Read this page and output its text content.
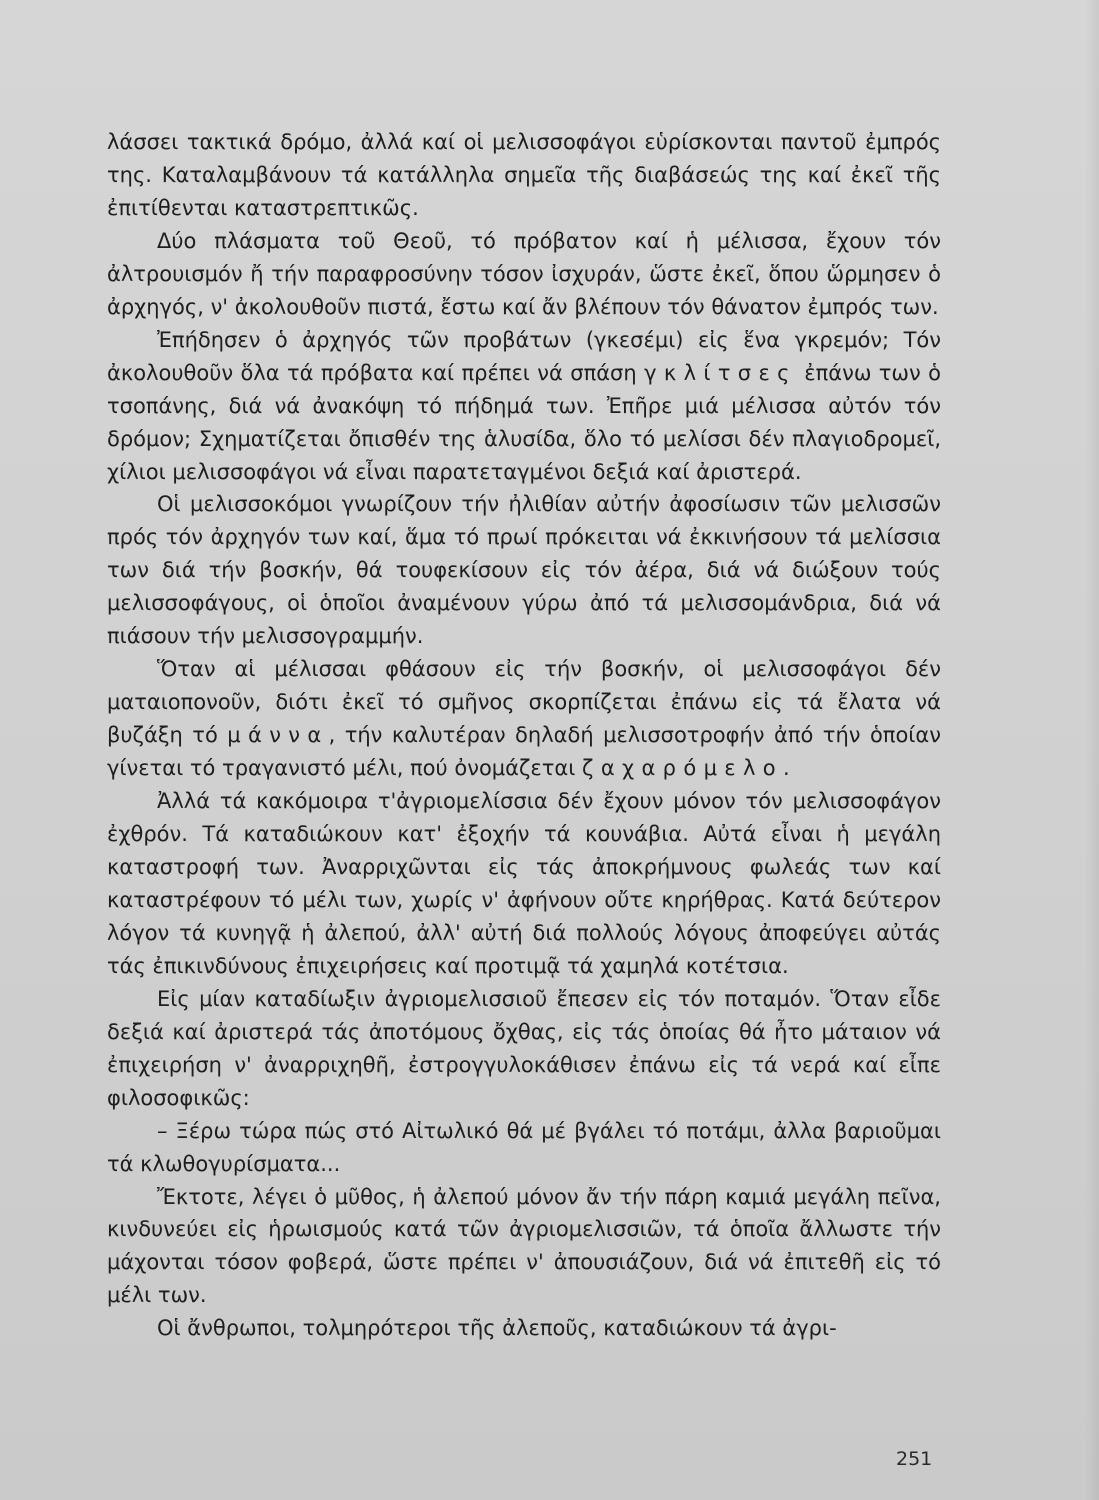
λάσσει τακτικά δρόμο, ἀλλά καί οἱ μελισσοφάγοι εὑρίσκονται παντοῦ ἐμπρός της. Καταλαμβάνουν τά κατάλληλα σημεῖα τῆς διαβάσεώς της καί ἐκεῖ τῆς ἐπιτίθενται καταστρεπτικῶς.

Δύο πλάσματα τοῦ Θεοῦ, τό πρόβατον καί ἡ μέλισσα, ἔχουν τόν ἀλτρουισμόν ἤ τήν παραφροσύνην τόσον ἰσχυράν, ὥστε ἐκεῖ, ὅπου ὥρμησεν ὁ ἀρχηγός, ν' ἀκολουθοῦν πιστά, ἔστω καί ἄν βλέπουν τόν θάνατον ἐμπρός των.

Ἐπήδησεν ὁ ἀρχηγός τῶν προβάτων (γκεσέμι) εἰς ἕνα γκρεμόν; Τόν ἀκολουθοῦν ὅλα τά πρόβατα καί πρέπει νά σπάση γκλίτσες ἐπάνω των ὁ τσοπάνης, διά νά ἀνακόψη τό πήδημά των. Ἐπῆρε μιά μέλισσα αὐτόν τόν δρόμον; Σχηματίζεται ὄπισθέν της ἁλυσίδα, ὅλο τό μελίσσι δέν πλαγιοδρομεῖ, χίλιοι μελισσοφάγοι νά εἶναι παρατεταγμένοι δεξιά καί ἀριστερά.

Οἱ μελισσοκόμοι γνωρίζουν τήν ἠλιθίαν αὐτήν ἀφοσίωσιν τῶν μελισσῶν πρός τόν ἀρχηγόν των καί, ἅμα τό πρωί πρόκειται νά ἐκκινήσουν τά μελίσσια των διά τήν βοσκήν, θά τουφεκίσουν εἰς τόν ἀέρα, διά νά διώξουν τούς μελισσοφάγους, οἱ ὁποῖοι ἀναμένουν γύρω ἀπό τά μελισσομάνδρια, διά νά πιάσουν τήν μελισσογραμμήν.

Ὅταν αἱ μέλισσαι φθάσουν εἰς τήν βοσκήν, οἱ μελισσοφάγοι δέν ματαιοπονοῦν, διότι ἐκεῖ τό σμῆνος σκορπίζεται ἐπάνω εἰς τά ἔλατα νά βυζάξη τό μάννα, τήν καλυτέραν δηλαδή μελισσοτροφήν ἀπό τήν ὁποίαν γίνεται τό τραγανιστό μέλι, πού ὀνομάζεται ζαχαρόμελο.

Ἀλλά τά κακόμοιρα τ'ἀγριομελίσσια δέν ἔχουν μόνον τόν μελισσοφάγον ἐχθρόν. Τά καταδιώκουν κατ' ἐξοχήν τά κουνάβια. Αὐτά εἶναι ἡ μεγάλη καταστροφή των. Ἀναρριχῶνται εἰς τάς ἀποκρήμνους φωλεάς των καί καταστρέφουν τό μέλι των, χωρίς ν' ἀφήνουν οὔτε κηρήθρας. Κατά δεύτερον λόγον τά κυνηγᾷ ἡ ἀλεπού, ἀλλ' αὐτή διά πολλούς λόγους ἀποφεύγει αὐτάς τάς ἐπικινδύνους ἐπιχειρήσεις καί προτιμᾷ τά χαμηλά κοτέτσια.

Εἰς μίαν καταδίωξιν ἀγριομελισσιοῦ ἔπεσεν εἰς τόν ποταμόν. Ὅταν εἶδε δεξιά καί ἀριστερά τάς ἀποτόμους ὄχθας, εἰς τάς ὁποίας θά ἦτο μάταιον νά ἐπιχειρήση ν' ἀναρριχηθῆ, ἐστρογγυλοκάθισεν ἐπάνω εἰς τά νερά καί εἶπε φιλοσοφικῶς:

– Ξέρω τώρα πώς στό Αἰτωλικό θά μέ βγάλει τό ποτάμι, ἀλλα βαριοῦμαι τά κλωθογυρίσματα...

Ἔκτοτε, λέγει ὁ μῦθος, ἡ ἀλεπού μόνον ἄν τήν πάρη καμιά μεγάλη πεῖνα, κινδυνεύει εἰς ἡρωισμούς κατά τῶν ἀγριομελισσιῶν, τά ὁποῖα ἄλλωστε τήν μάχονται τόσον φοβερά, ὥστε πρέπει ν' ἀπουσιάζουν, διά νά ἐπιτεθῆ εἰς τό μέλι των.

Οἱ ἄνθρωποι, τολμηρότεροι τῆς ἀλεποῦς, καταδιώκουν τά ἀγρι-

251
